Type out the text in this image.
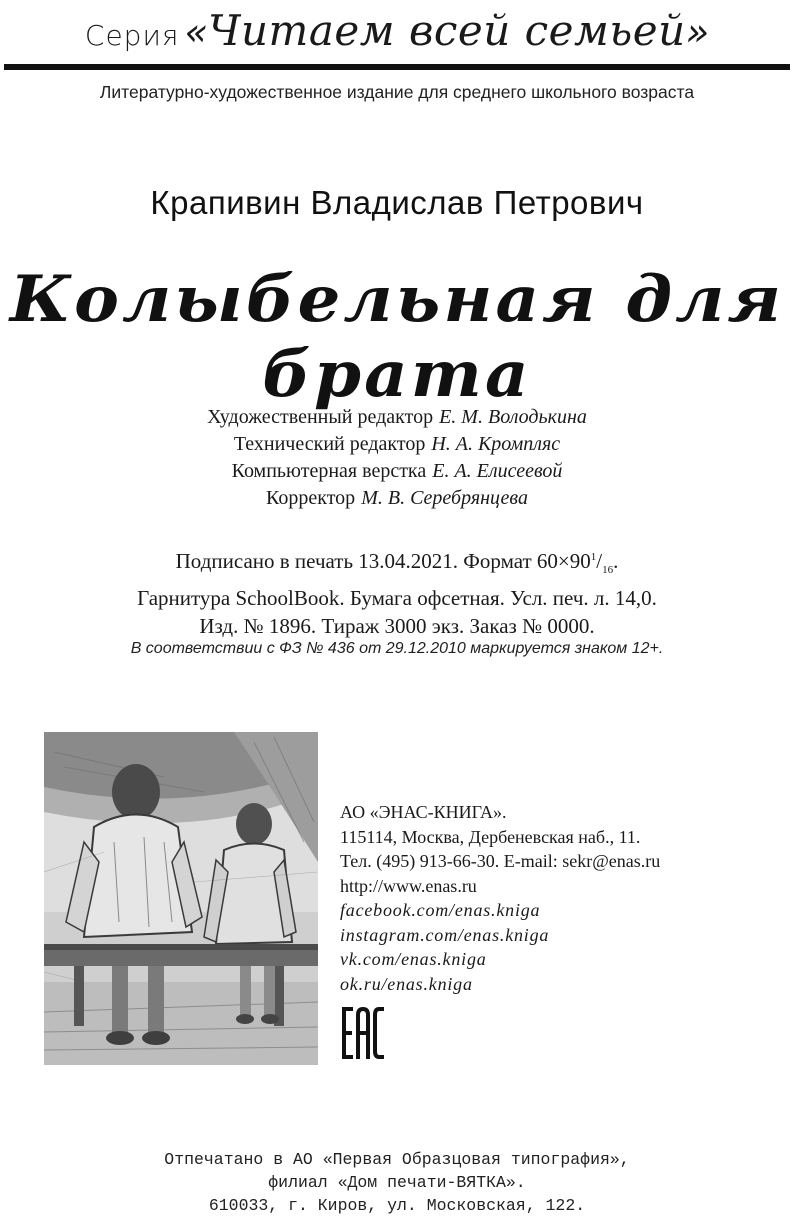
Серия «Читаем всей семьей»
Литературно-художественное издание для среднего школьного возраста
Крапивин Владислав Петрович
Колыбельная для брата
Художественный редактор Е. М. Володькина
Технический редактор Н. А. Кромпляс
Компьютерная верстка Е. А. Елисеевой
Корректор М. В. Серебрянцева
Подписано в печать 13.04.2021. Формат $60\times 90^1/_{16}$.
Гарнитура SchoolBook. Бумага офсетная. Усл. печ. л. 14,0.
Изд. № 1896. Тираж 3000 экз. Заказ № 0000.
В соответствии с ФЗ № 436 от 29.12.2010 маркируется знаком 12+.
АО «ЭНАС-КНИГА».
115114, Москва, Дербеневская наб., 11.
Тел. (495) 913-66-30. E-mail: sekr@enas.ru
http://www.enas.ru
facebook.com/enas.kniga
instagram.com/enas.kniga
vk.com/enas.kniga
ok.ru/enas.kniga
Отпечатано в АО «Первая Образцовая типография»,
филиал «Дом печати-ВЯТКА».
610033, г. Киров, ул. Московская, 122.
